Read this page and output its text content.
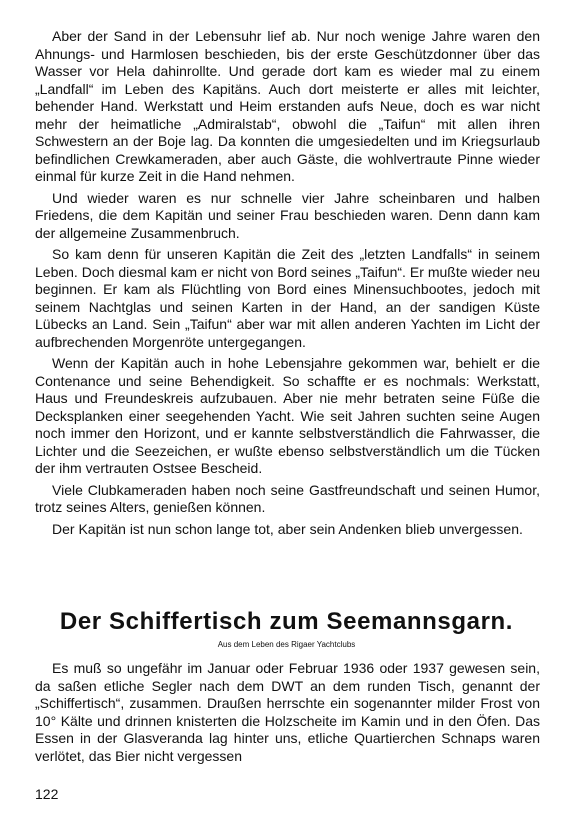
Aber der Sand in der Lebensuhr lief ab. Nur noch wenige Jahre waren den Ahnungs- und Harmlosen beschieden, bis der erste Geschützdonner über das Wasser vor Hela dahinrollte. Und gerade dort kam es wieder mal zu einem „Landfall“ im Leben des Kapitäns. Auch dort meisterte er alles mit leichter, behender Hand. Werkstatt und Heim erstanden aufs Neue, doch es war nicht mehr der heimatliche „Admiralstab“, obwohl die „Taifun“ mit allen ihren Schwestern an der Boje lag. Da konnten die umgesiedelten und im Kriegsurlaub befindlichen Crewkameraden, aber auch Gäste, die wohlvertraute Pinne wieder einmal für kurze Zeit in die Hand nehmen.

Und wieder waren es nur schnelle vier Jahre scheinbaren und halben Friedens, die dem Kapitän und seiner Frau beschieden waren. Denn dann kam der allgemeine Zusammenbruch.

So kam denn für unseren Kapitän die Zeit des „letzten Landfalls“ in seinem Leben. Doch diesmal kam er nicht von Bord seines „Taifun“. Er mußte wieder neu beginnen. Er kam als Flüchtling von Bord eines Minensuchbootes, jedoch mit seinem Nachtglas und seinen Karten in der Hand, an der sandigen Küste Lübecks an Land. Sein „Taifun“ aber war mit allen anderen Yachten im Licht der aufbrechenden Morgenröte untergegangen.

Wenn der Kapitän auch in hohe Lebensjahre gekommen war, behielt er die Contenance und seine Behendigkeit. So schaffte er es nochmals: Werkstatt, Haus und Freundeskreis aufzubauen. Aber nie mehr betraten seine Füße die Decksplanken einer seegehenden Yacht. Wie seit Jahren suchten seine Augen noch immer den Horizont, und er kannte selbstverständlich die Fahrwasser, die Lichter und die Seezeichen, er wußte ebenso selbstverständlich um die Tücken der ihm vertrauten Ostsee Bescheid.

Viele Clubkameraden haben noch seine Gastfreundschaft und seinen Humor, trotz seines Alters, genießen können.

Der Kapitän ist nun schon lange tot, aber sein Andenken blieb unvergessen.

Der Schiffertisch zum Seemannsgarn.
Aus dem Leben des Rigaer Yachtclubs

Es muß so ungefähr im Januar oder Februar 1936 oder 1937 gewesen sein, da saßen etliche Segler nach dem DWT an dem runden Tisch, genannt der „Schiffertisch“, zusammen. Draußen herrschte ein sogenannter milder Frost von 10° Kälte und drinnen knisterten die Holzscheite im Kamin und in den Öfen. Das Essen in der Glasveranda lag hinter uns, etliche Quartierchen Schnaps waren verlötet, das Bier nicht vergessen

122
